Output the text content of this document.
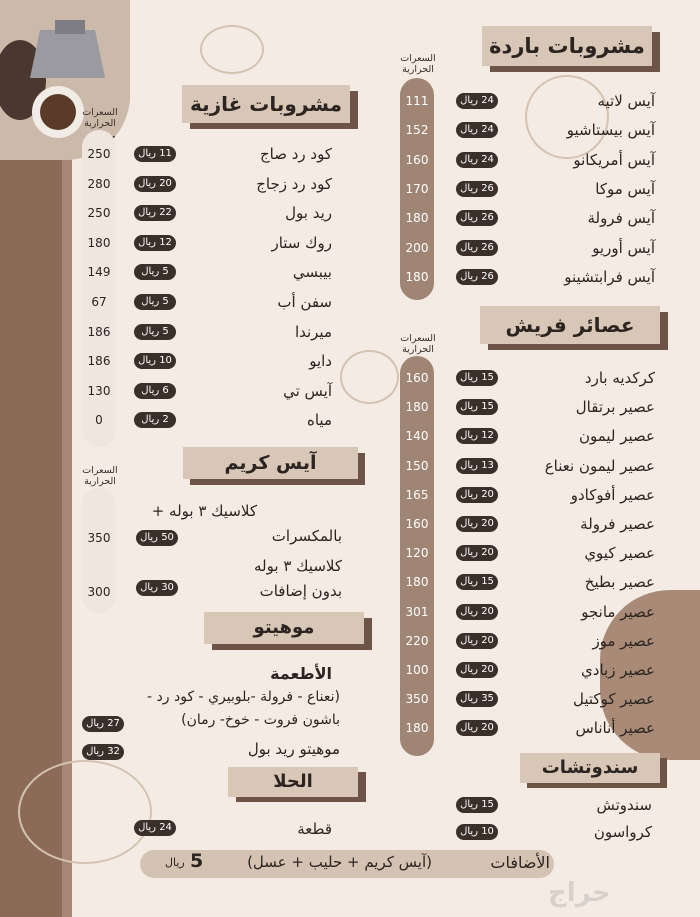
السعرات الحرارية
السعرات الحرارية
السعرات الحرارية
السعرات الحرارية
مشروبات باردة
آيس لاتيه
24 ريال
111
آيس بيستاشيو
24 ريال
152
آيس أمريكانو
24 ريال
160
آيس موكا
26 ريال
170
آيس فرولة
26 ريال
180
آيس أوريو
26 ريال
200
آيس فرابتشينو
26 ريال
180
عصائر فريش
كركديه بارد
15 ريال
160
عصير برتقال
15 ريال
180
عصير ليمون
12 ريال
140
عصير ليمون نعناع
13 ريال
150
عصير أفوكادو
20 ريال
165
عصير فرولة
20 ريال
160
عصير كيوي
20 ريال
120
عصير بطيخ
15 ريال
180
عصير مانجو
20 ريال
301
عصير موز
20 ريال
220
عصير زبادي
20 ريال
100
عصير كوكتيل
35 ريال
350
عصير أناناس
20 ريال
180
سندوتشات
سندوتش
15 ريال
كرواسون
10 ريال
مشروبات غازية
كود رد صاج
11 ريال
250
كود رد زجاج
20 ريال
280
ريد بول
22 ريال
250
روك ستار
12 ريال
180
بيبسي
5 ريال
149
سفن أب
5 ريال
67
ميرندا
5 ريال
186
دايو
10 ريال
186
آيس تي
6 ريال
130
مياه
2 ريال
0
آيس كريم
كلاسيك ٣ بوله +
بالمكسرات
50 ريال
350
كلاسيك ٣ بوله
بدون إضافات
30 ريال
300
موهيتو
الأطعمة
(نعناع - فرولة -بلوبيري - كود رد -
باشون فروت - خوخ- رمان)
27 ريال
موهيتو ريد بول
32 ريال
الحلا
قطعة
24 ريال
الأضافات
(آيس كريم + حليب + عسل)
5
ريال
حراج
